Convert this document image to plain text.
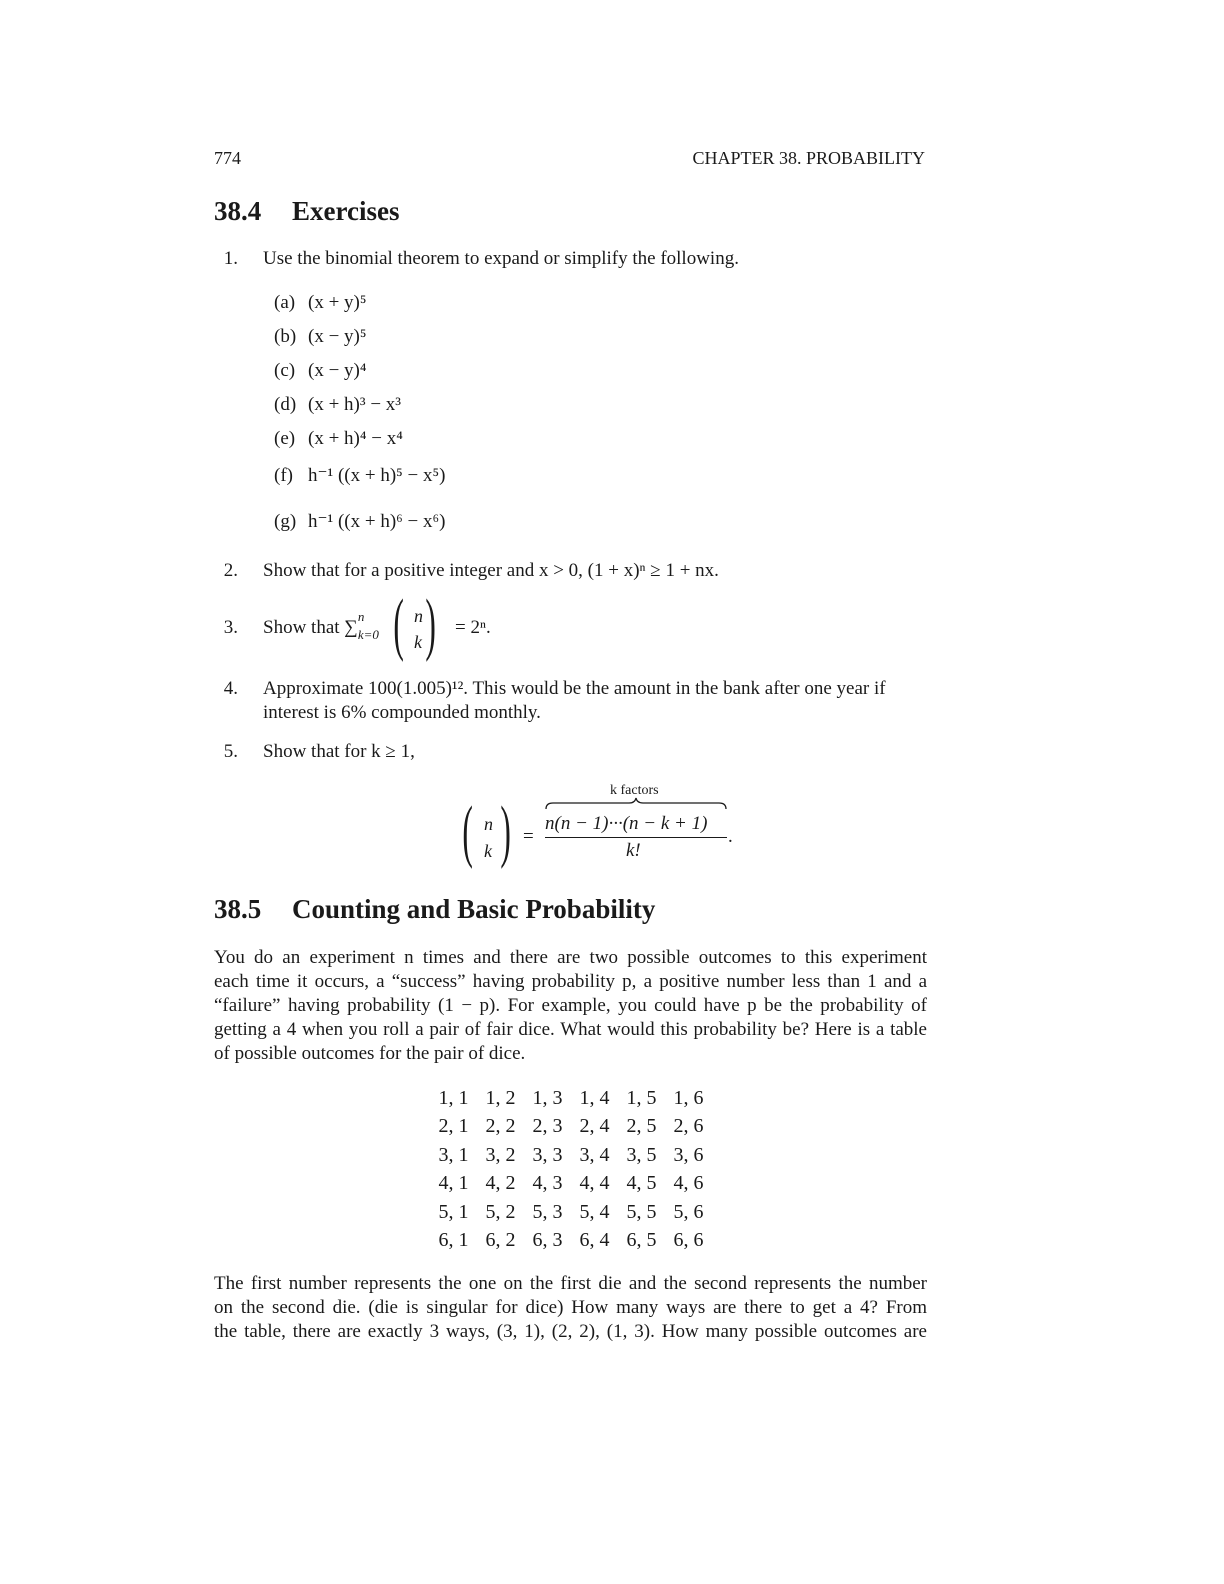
774	CHAPTER 38. PROBABILITY
38.4 Exercises
1. Use the binomial theorem to expand or simplify the following.
(a) (x + y)⁵
(b) (x − y)⁵
(c) (x − y)⁴
(d) (x + h)³ − x³
(e) (x + h)⁴ − x⁴
(f) h⁻¹ ((x + h)⁵ − x⁵)
(g) h⁻¹ ((x + h)⁶ − x⁶)
2. Show that for a positive integer and x > 0, (1 + x)ⁿ ≥ 1 + nx.
3. Show that ∑
n
k=0 ( n
k ) = 2ⁿ.
4. Approximate 100(1.005)¹². This would be the amount in the bank after one year if
interest is 6% compounded monthly.
5. Show that for k ≥ 1,
k factors
( n
k ) =
n(n − 1)···(n − k + 1)
k!
.
38.5 Counting and Basic Probability
You do an experiment n times and there are two possible outcomes to this experiment
each time it occurs, a “success” having probability p, a positive number less than 1 and a
“failure” having probability (1 − p). For example, you could have p be the probability of
getting a 4 when you roll a pair of fair dice. What would this probability be? Here is a table
of possible outcomes for the pair of dice.
1, 1	1, 2	1, 3	1, 4	1, 5	1, 6
2, 1	2, 2	2, 3	2, 4	2, 5	2, 6
3, 1	3, 2	3, 3	3, 4	3, 5	3, 6
4, 1	4, 2	4, 3	4, 4	4, 5	4, 6
5, 1	5, 2	5, 3	5, 4	5, 5	5, 6
6, 1	6, 2	6, 3	6, 4	6, 5	6, 6
The first number represents the one on the first die and the second represents the number
on the second die. (die is singular for dice) How many ways are there to get a 4? From
the table, there are exactly 3 ways, (3, 1), (2, 2), (1, 3). How many possible outcomes are
